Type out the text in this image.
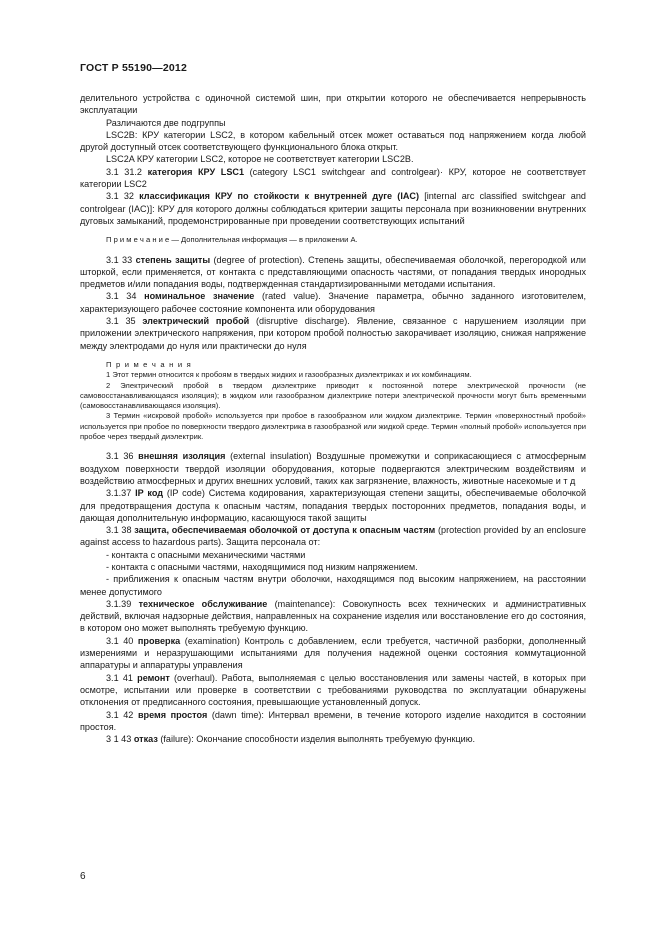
ГОСТ Р 55190—2012

делительного устройства с одиночной системой шин, при открытии которого не обеспечивается непрерывность эксплуатации

Различаются две подгруппы

LSC2B: КРУ категории LSC2, в котором кабельный отсек может оставаться под напряжением когда любой другой доступный отсек соответствующего функционального блока открыт.

LSC2A КРУ категории LSC2, которое не соответствует категории LSC2B.

3.1 31.2 категория КРУ LSC1 (category LSC1 switchgear and controlgear)· КРУ, которое не соответствует категории LSC2

3.1 32 классификация КРУ по стойкости к внутренней дуге (IAC) [internal arc classified switchgear and controlgear (IAC)]: КРУ для которого должны соблюдаться критерии защиты персонала при возникновении внутренних дуговых замыканий, продемонстрированные при проведении соответствующих испытаний

П р и м е ч а н и е — Дополнительная информация — в приложении А.

3.1 33 степень защиты (degree of protection). Степень защиты, обеспечиваемая оболочкой, перегородкой или шторкой, если применяется, от контакта с представляющими опасность частями, от попадания твердых инородных предметов и/или попадания воды, подтвержденная стандартизированными методами испытания.

3.1 34 номинальное значение (rated value). Значение параметра, обычно заданного изготовителем, характеризующего рабочее состояние компонента или оборудования

3.1 35 электрический пробой (disruptive discharge). Явление, связанное с нарушением изоляции при приложении электрического напряжения, при котором пробой полностью закорачивает изоляцию, снижая напряжение между электродами до нуля или практически до нуля

П р и м е ч а н и я

1 Этот термин относится к пробоям в твердых жидких и газообразных диэлектриках и их комбинациям.

2 Электрический пробой в твердом диэлектрике приводит к постоянной потере электрической прочности (не самовосстанавливающаяся изоляция); в жидком или газообразном диэлектрике потери электрической прочности могут быть временными (самовосстанавливающаяся изоляция).

3 Термин «искровой пробой» используется при пробое в газообразном или жидком диэлектрике. Термин «поверхностный пробой» используется при пробое по поверхности твердого диэлектрика в газообразной или жидкой среде. Термин «полный пробой» используется при пробое через твердый диэлектрик.

3.1 36 внешняя изоляция (external insulation) Воздушные промежутки и соприкасающиеся с атмосферным воздухом поверхности твердой изоляции оборудования, которые подвергаются электрическим воздействиям и воздействию атмосферных и других внешних условий, таких как загрязнение, влажность, животные насекомые и т д

3.1.37 IP код (IP code) Система кодирования, характеризующая степени защиты, обеспечиваемые оболочкой для предотвращения доступа к опасным частям, попадания твердых посторонних предметов, попадания воды, и дающая дополнительную информацию, касающуюся такой защиты

3.1 38 защита, обеспечиваемая оболочкой от доступа к опасным частям (protection provided by an enclosure against access to hazardous parts). Защита персонала от:

- контакта с опасными механическими частями

- контакта с опасными частями, находящимися под низким напряжением.

- приближения к опасным частям внутри оболочки, находящимся под высоким напряжением, на расстоянии менее допустимого

3.1.39 техническое обслуживание (maintenance): Совокупность всех технических и административных действий, включая надзорные действия, направленных на сохранение изделия или восстановление его до состояния, в котором оно может выполнять требуемую функцию.

3.1 40 проверка (examination) Контроль с добавлением, если требуется, частичной разборки, дополненный измерениями и неразрушающими испытаниями для получения надежной оценки состояния коммутационной аппаратуры и аппаратуры управления

3.1 41 ремонт (overhaul). Работа, выполняемая с целью восстановления или замены частей, в которых при осмотре, испытании или проверке в соответствии с требованиями руководства по эксплуатации обнаружены отклонения от предписанного состояния, превышающие установленный допуск.

3.1 42 время простоя (dawn time): Интервал времени, в течение которого изделие находится в состоянии простоя.

3 1 43 отказ (failure): Окончание способности изделия выполнять требуемую функцию.

6
